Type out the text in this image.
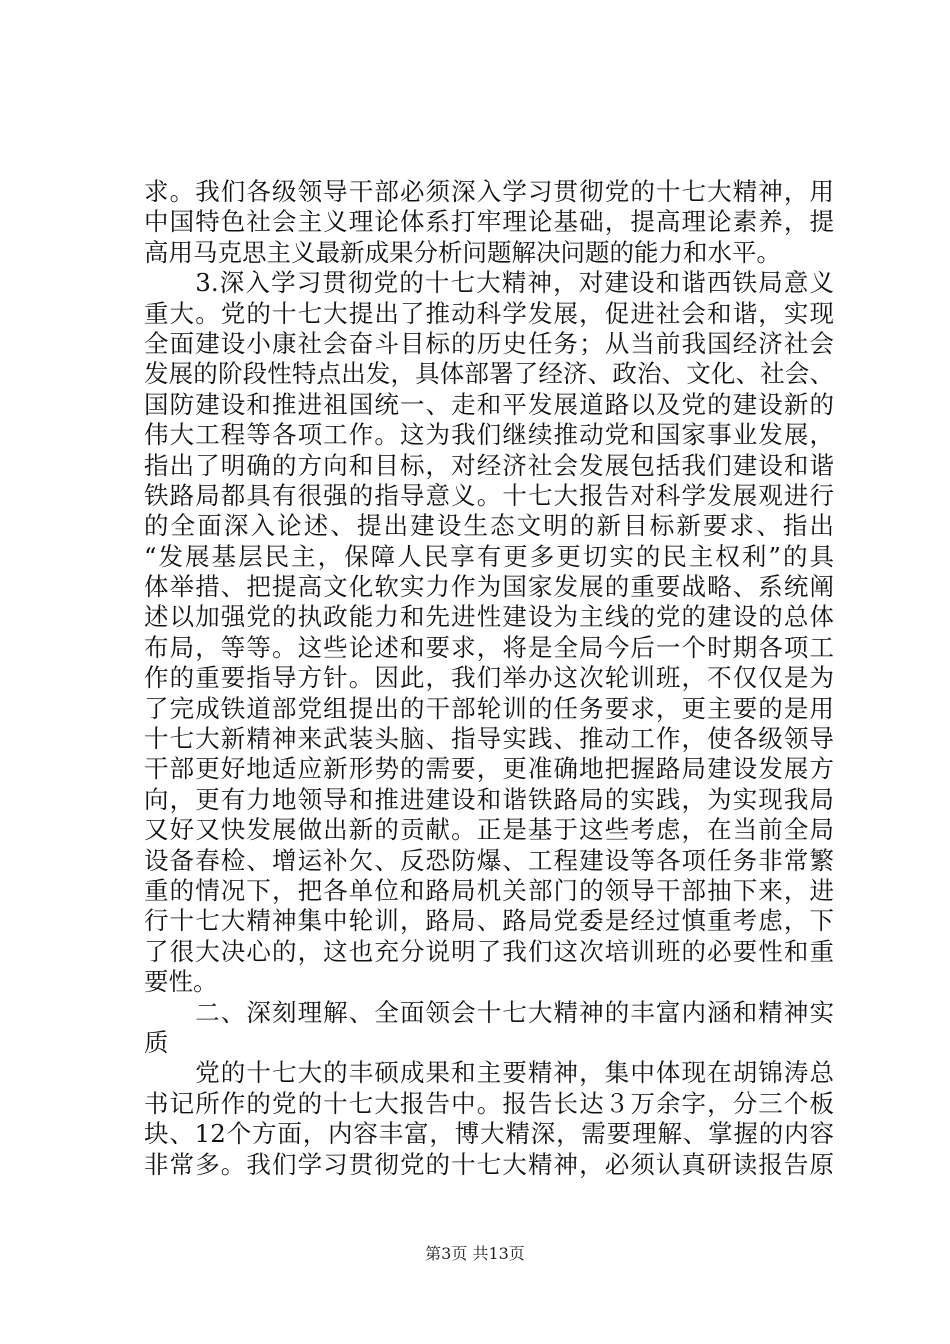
求。我们各级领导干部必须深入学习贯彻党的十七大精神，用
中国特色社会主义理论体系打牢理论基础，提高理论素养，提
高用马克思主义最新成果分析问题解决问题的能力和水平。
　　3.深入学习贯彻党的十七大精神，对建设和谐西铁局意义
重大。党的十七大提出了推动科学发展，促进社会和谐，实现
全面建设小康社会奋斗目标的历史任务；从当前我国经济社会
发展的阶段性特点出发，具体部署了经济、政治、文化、社会、
国防建设和推进祖国统一、走和平发展道路以及党的建设新的
伟大工程等各项工作。这为我们继续推动党和国家事业发展，
指出了明确的方向和目标，对经济社会发展包括我们建设和谐
铁路局都具有很强的指导意义。十七大报告对科学发展观进行
的全面深入论述、提出建设生态文明的新目标新要求、指出
“发展基层民主，保障人民享有更多更切实的民主权利”的具
体举措、把提高文化软实力作为国家发展的重要战略、系统阐
述以加强党的执政能力和先进性建设为主线的党的建设的总体
布局，等等。这些论述和要求，将是全局今后一个时期各项工
作的重要指导方针。因此，我们举办这次轮训班，不仅仅是为
了完成铁道部党组提出的干部轮训的任务要求，更主要的是用
十七大新精神来武装头脑、指导实践、推动工作，使各级领导
干部更好地适应新形势的需要，更准确地把握路局建设发展方
向，更有力地领导和推进建设和谐铁路局的实践，为实现我局
又好又快发展做出新的贡献。正是基于这些考虑，在当前全局
设备春检、增运补欠、反恐防爆、工程建设等各项任务非常繁
重的情况下，把各单位和路局机关部门的领导干部抽下来，进
行十七大精神集中轮训，路局、路局党委是经过慎重考虑，下
了很大决心的，这也充分说明了我们这次培训班的必要性和重
要性。
　　二、深刻理解、全面领会十七大精神的丰富内涵和精神实
质
　　党的十七大的丰硕成果和主要精神，集中体现在胡锦涛总
书记所作的党的十七大报告中。报告长达３万余字，分三个板
块、12个方面，内容丰富，博大精深，需要理解、掌握的内容
非常多。我们学习贯彻党的十七大精神，必须认真研读报告原
第3页 共13页
